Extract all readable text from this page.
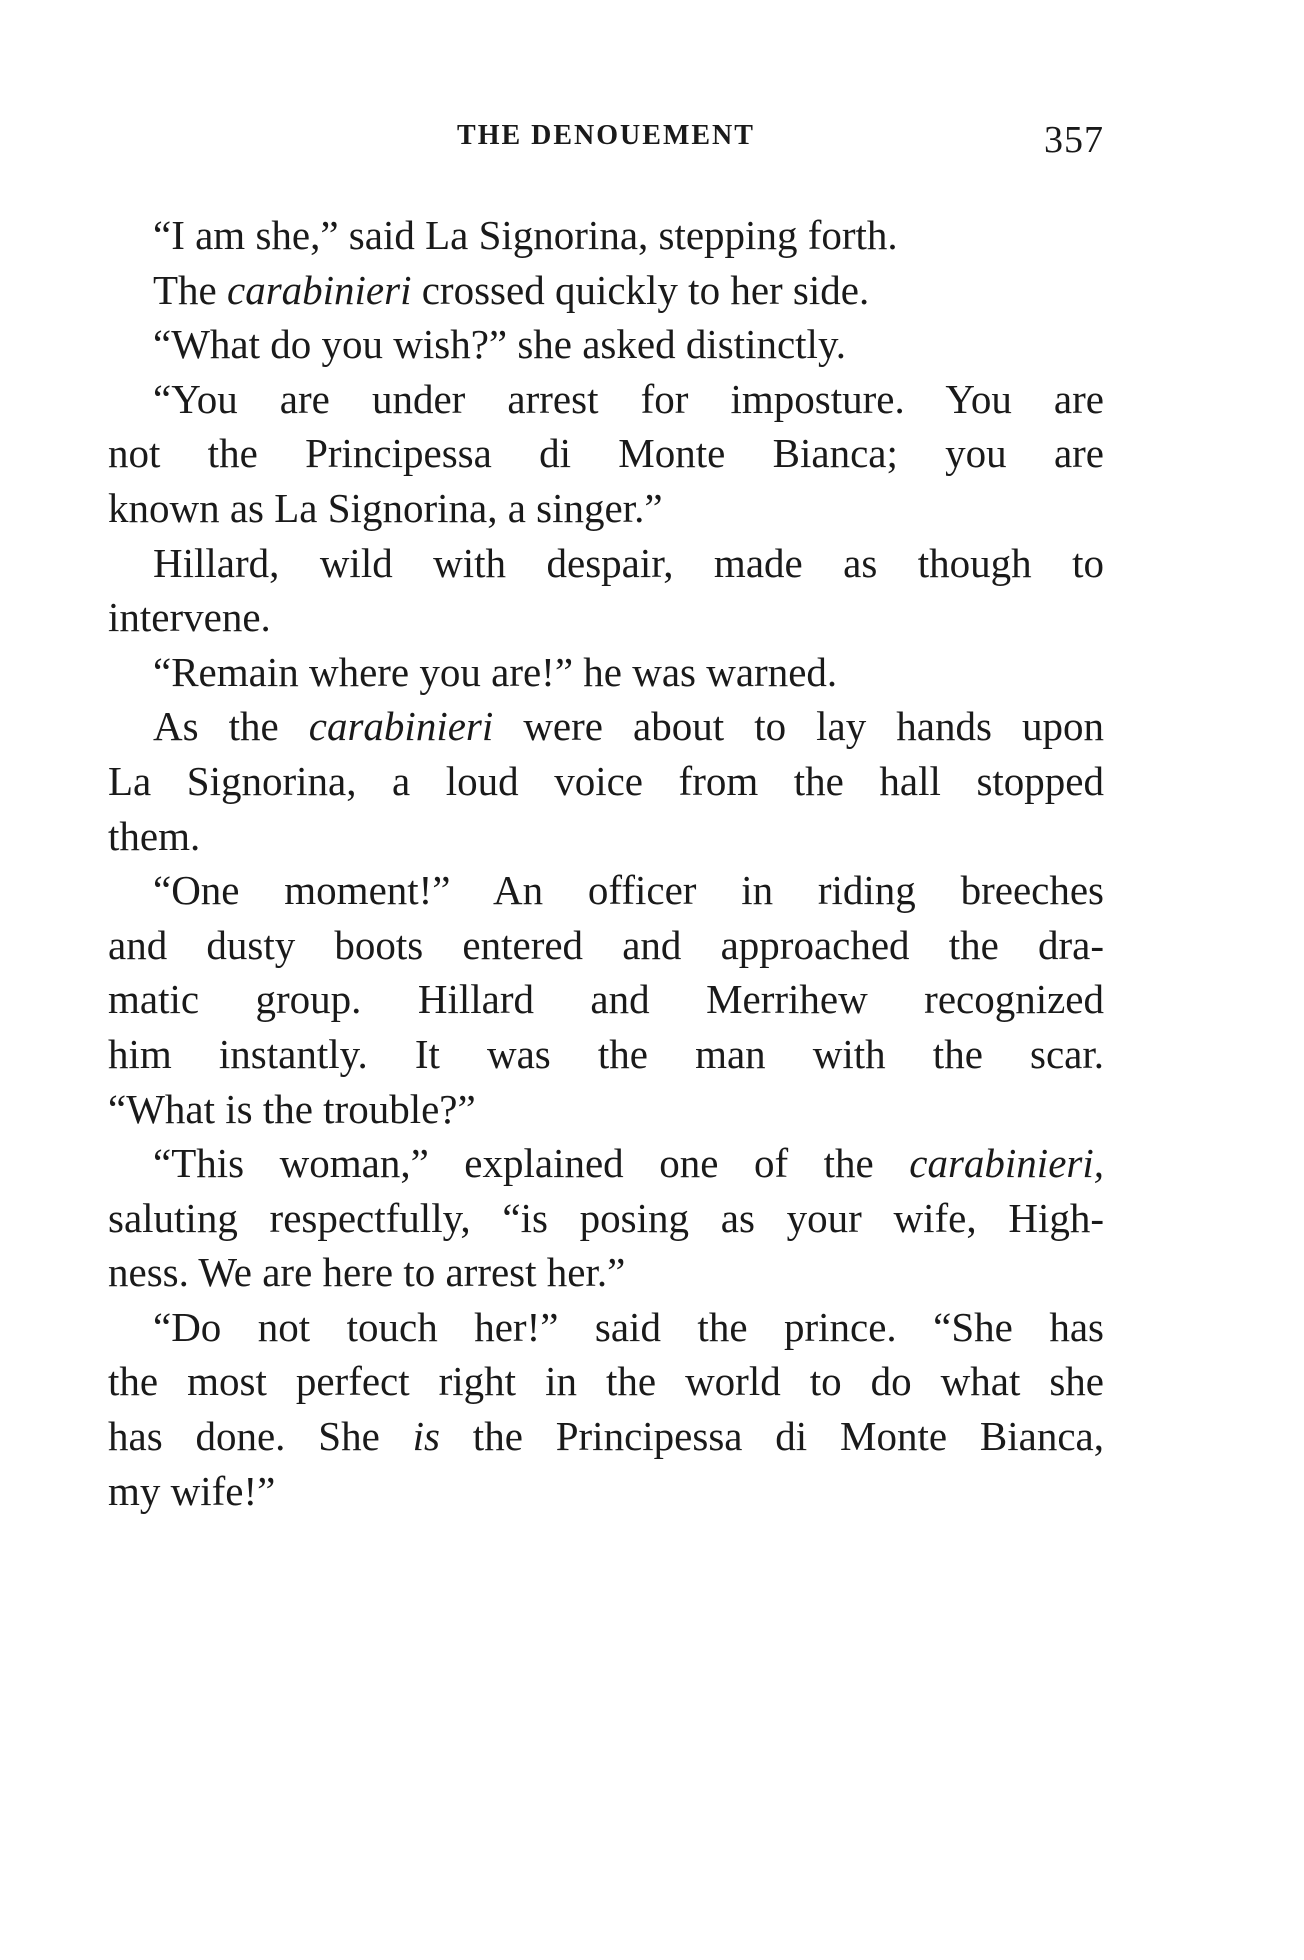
THE DENOUEMENT	357
“I am she,” said La Signorina, stepping forth.
The carabinieri crossed quickly to her side.
“What do you wish?” she asked distinctly.
“You are under arrest for imposture. You are
not the Principessa di Monte Bianca; you are
known as La Signorina, a singer.”
Hillard, wild with despair, made as though to
intervene.
“Remain where you are!” he was warned.
As the carabinieri were about to lay hands upon
La Signorina, a loud voice from the hall stopped
them.
“One moment!” An officer in riding breeches
and dusty boots entered and approached the dra-
matic group. Hillard and Merrihew recognized
him instantly. It was the man with the scar.
“What is the trouble?”
“This woman,” explained one of the carabinieri,
saluting respectfully, “is posing as your wife, High-
ness. We are here to arrest her.”
“Do not touch her!” said the prince. “She has
the most perfect right in the world to do what she
has done. She is the Principessa di Monte Bianca,
my wife!”
